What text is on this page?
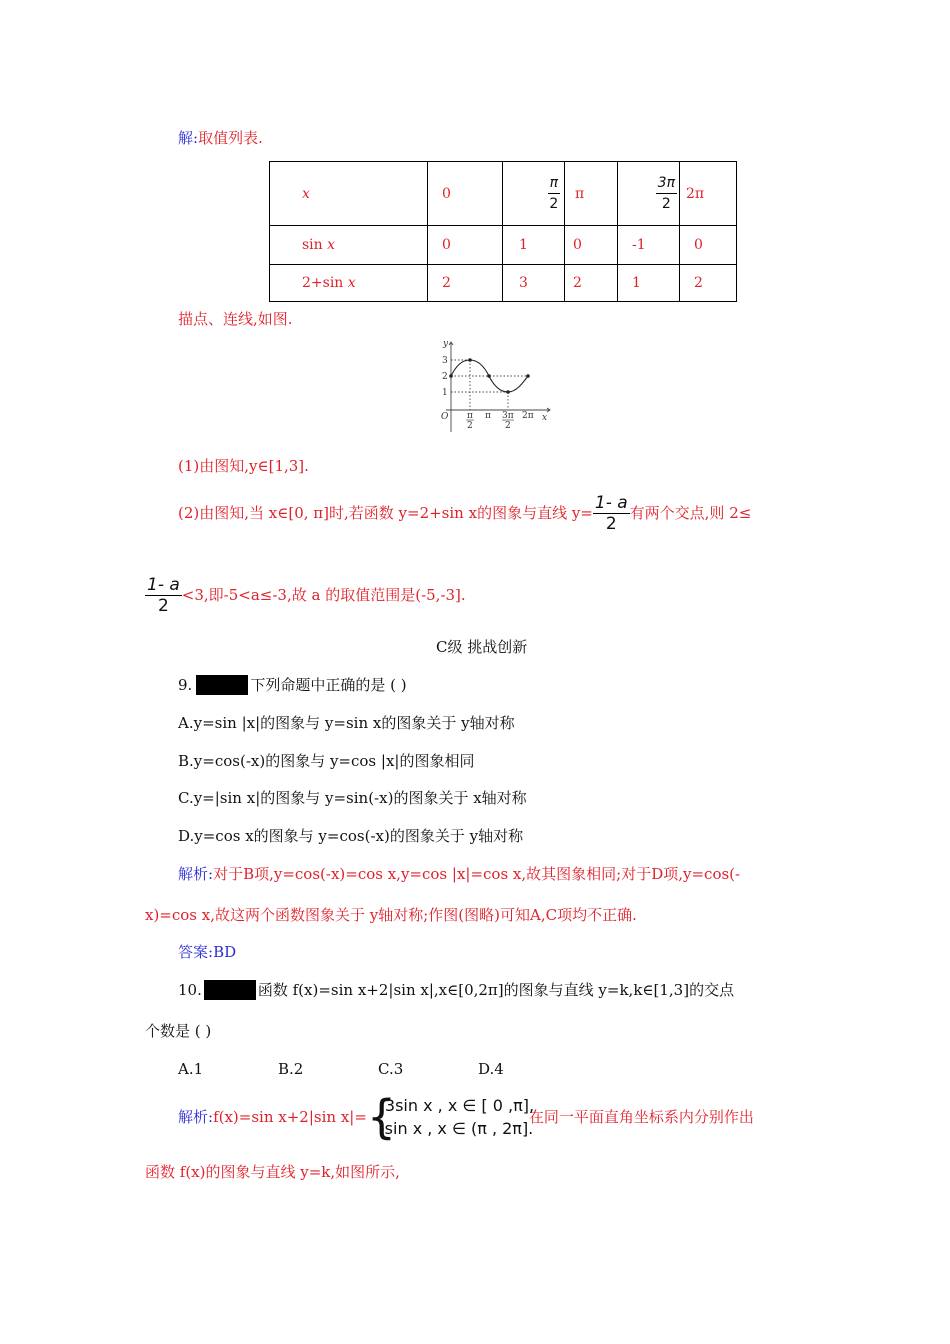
解:取值列表.
x	0	$\frac{\pi}{2}$	π	$\frac{3\pi}{2}$	2π
sin x	0	1	0	-1	0
2+sin x	2	3	2	1	2
描点、连线,如图.
y
x
O
1
2
3
π
2
π 3π
2
2π
(1)由图知,y∈[1,3].
(2)由图知,当 x∈[0, π]时,若函数 y=2+sin x的图象与直线 $y= \frac{1- a}{2}$ 有两个交点,则 2≤
$\frac{1- a}{2} <3$,即-5<a≤-3,故 a 的取值范围是(-5,-3].
C级 挑战创新
9.	下列命题中正确的是 ( )
A.y=sin |x|的图象与 y=sin x的图象关于 y轴对称
B.y=cos(-x)的图象与 y=cos |x|的图象相同
C.y=|sin x|的图象与 y=sin(-x)的图象关于 x轴对称
D.y=cos x的图象与 y=cos(-x)的图象关于 y轴对称
解析:对于B项,y=cos(-x)=cos x,y=cos |x|=cos x,故其图象相同;对于D项,y=cos(-
x)=cos x,故这两个函数图象关于 y轴对称;作图(图略)可知A,C项均不正确.
答案:BD
10.	函数 f(x)=sin x+2|sin x|,x∈[0,2π]的图象与直线 y=k,k∈[1,3]的交点
个数是 ( )
A.1	B.2	C.3	D.4
解析: f(x)=sin x+2|sin x|= {
3sin x , x ∈ [ 0 ,π],
-sin x , x ∈ (π , 2π].
在同一平面直角坐标系内分别作出
函数 f(x)的图象与直线 y=k,如图所示,
